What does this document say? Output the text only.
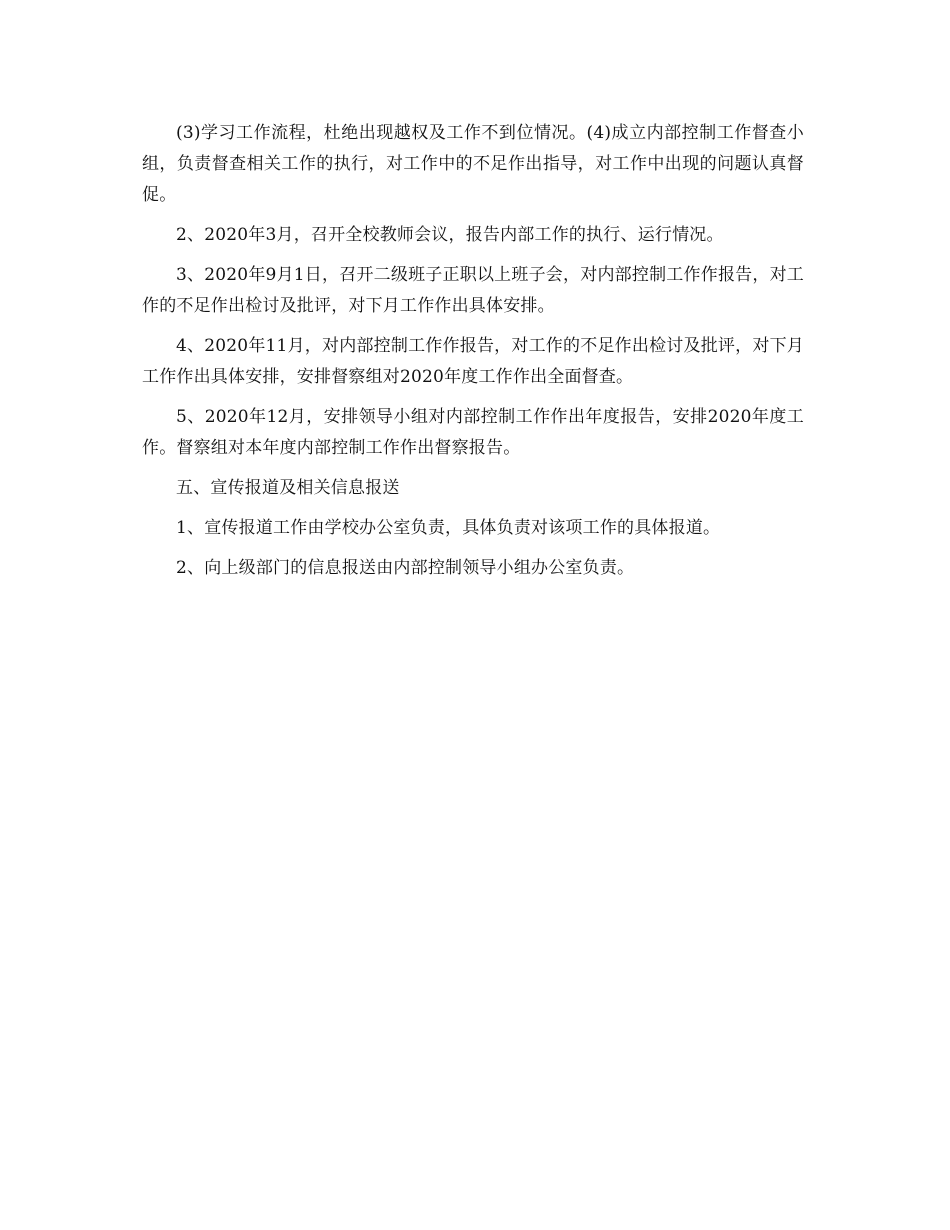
(3)学习工作流程，杜绝出现越权及工作不到位情况。(4)成立内部控制工作督查小组，负责督查相关工作的执行，对工作中的不足作出指导，对工作中出现的问题认真督促。

2、2020年3月，召开全校教师会议，报告内部工作的执行、运行情况。

3、2020年9月1日，召开二级班子正职以上班子会，对内部控制工作作报告，对工作的不足作出检讨及批评，对下月工作作出具体安排。

4、2020年11月，对内部控制工作作报告，对工作的不足作出检讨及批评，对下月工作作出具体安排，安排督察组对2020年度工作作出全面督查。

5、2020年12月，安排领导小组对内部控制工作作出年度报告，安排2020年度工作。督察组对本年度内部控制工作作出督察报告。

五、宣传报道及相关信息报送

1、宣传报道工作由学校办公室负责，具体负责对该项工作的具体报道。

2、向上级部门的信息报送由内部控制领导小组办公室负责。
